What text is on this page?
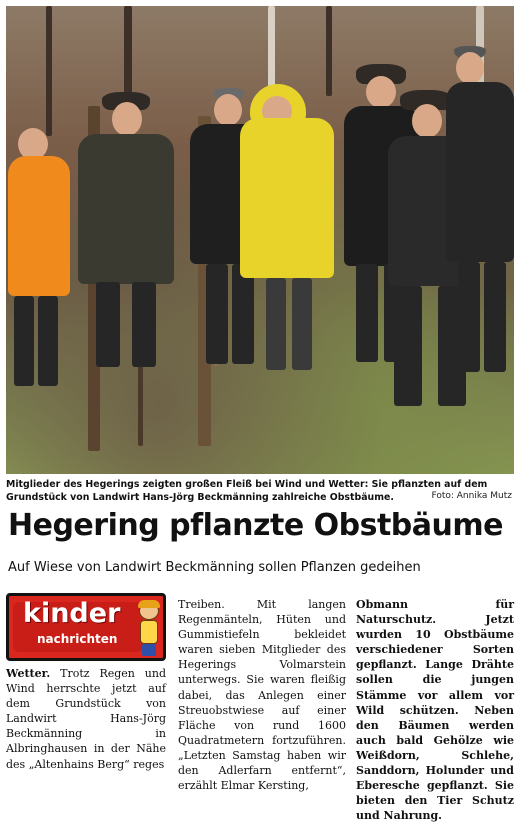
Mitglieder des Hegerings zeigten großen Fleiß bei Wind und Wetter: Sie pflanzten auf dem Grundstück von Landwirt Hans-Jörg Beckmänning zahlreiche Obstbäume.	Foto: Annika Mutz
Hegering pflanzte Obstbäume
Auf Wiese von Landwirt Beckmänning sollen Pflanzen gedeihen
kinder
nachrichten
Wetter. Trotz Regen und Wind herrschte jetzt auf dem Grundstück von Landwirt Hans-Jörg Beckmänning in Albringhausen in der Nähe des „Altenhains Berg“ reges
Treiben. Mit langen Regenmänteln, Hüten und Gummistiefeln bekleidet waren sieben Mitglieder des Hegerings Volmarstein unterwegs. Sie waren fleißig dabei, das Anlegen einer Streuobstwiese auf einer Fläche von rund 1600 Quadratmetern fortzuführen. „Letzten Samstag haben wir den Adlerfarn entfernt“, erzählt Elmar Kersting,
Obmann für Naturschutz. Jetzt wurden 10 Obstbäume verschiedener Sorten gepflanzt. Lange Drähte sollen die jungen Stämme vor allem vor Wild schützen. Neben den Bäumen werden auch bald Gehölze wie Weißdorn, Schlehe, Sanddorn, Holunder und Eberesche gepflanzt. Sie bieten den Tier Schutz und Nahrung.
